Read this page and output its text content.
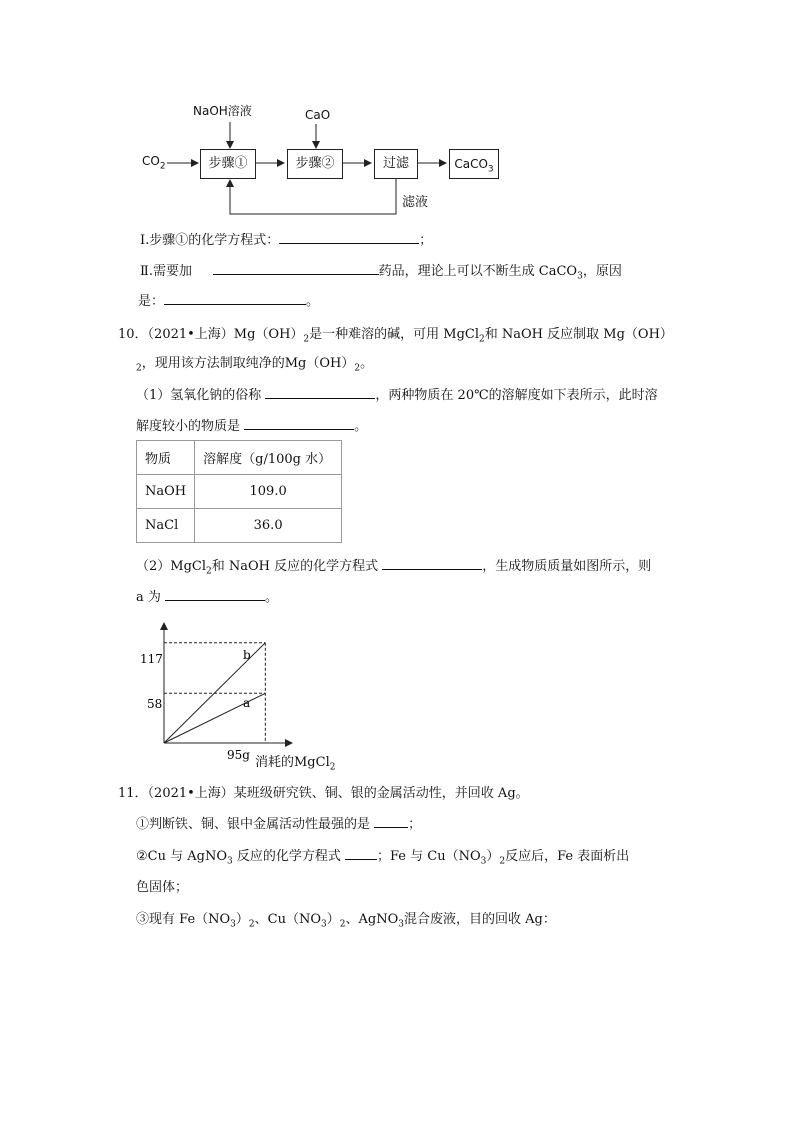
NaOH溶液	CaO
$CO_2$	步骤①	步骤②	过滤	CaCO$_3$
滤液
Ⅰ.步骤①的化学方程式：	；
Ⅱ.需要加	药品，理论上可以不断生成 CaCO$_3$，原因
是：	。
10．（2021•上海）$Mg(OH)_2$是一种难溶的碱，可用 MgCl$_2$和 NaOH 反应制取 Mg（OH）
$_2$，现用该方法制取纯净的$Mg(OH)_2$。
（1）氢氧化钠的俗称	，两种物质在 20℃的溶解度如下表所示，此时溶
解度较小的物质是	。
物质	溶解度（g/100g 水）
NaOH	109.0
NaCl	36.0
（2）MgCl$_2$和 NaOH 反应的化学方程式	，生成物质质量如图所示，则
a 为	。
117
58
95g
b
a
消耗的MgCl$_2$
11．（2021•上海）某班级研究铁、铜、银的金属活动性，并回收 Ag。
①判断铁、铜、银中金属活动性最强的是	；
②Cu 与 AgNO$_3$ 反应的化学方程式	；Fe 与 $Cu(NO_3)_2$反应后，Fe 表面析出
色固体；
③现有 $Fe(NO_3)_2$、$Cu(NO_3)_2$、AgNO$_3$混合废液，目的回收 Ag：
